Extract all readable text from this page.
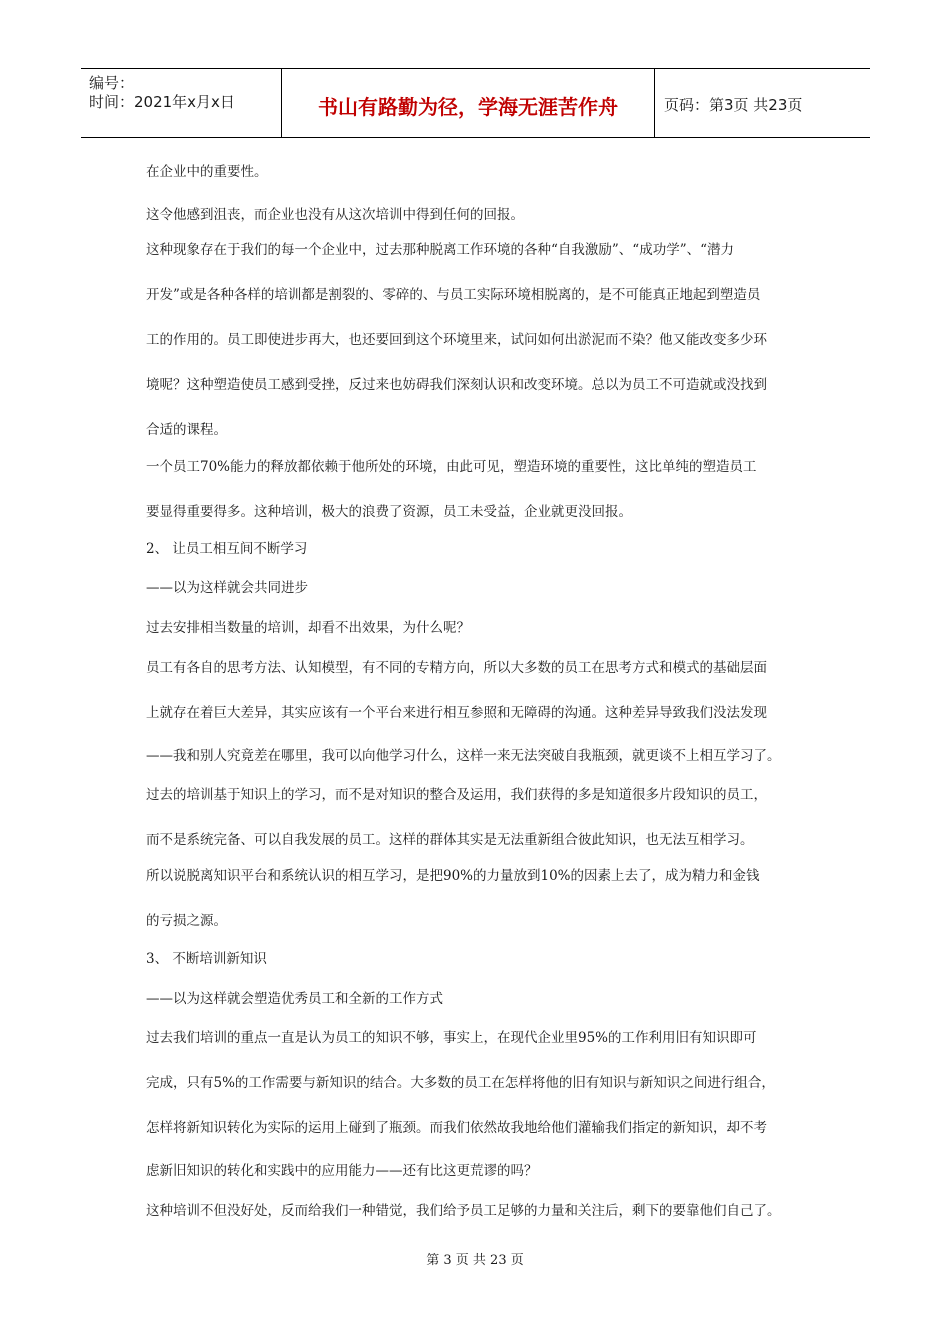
编号：
时间：2021年x月x日	书山有路勤为径，学海无涯苦作舟	页码：第3页 共23页
在企业中的重要性。
这令他感到沮丧，而企业也没有从这次培训中得到任何的回报。
这种现象存在于我们的每一个企业中，过去那种脱离工作环境的各种“自我激励”、“成功学”、“潜力
开发”或是各种各样的培训都是割裂的、零碎的、与员工实际环境相脱离的，是不可能真正地起到塑造员
工的作用的。员工即使进步再大，也还要回到这个环境里来，试问如何出淤泥而不染？他又能改变多少环
境呢？这种塑造使员工感到受挫，反过来也妨碍我们深刻认识和改变环境。总以为员工不可造就或没找到
合适的课程。
一个员工70%能力的释放都依赖于他所处的环境，由此可见，塑造环境的重要性，这比单纯的塑造员工
要显得重要得多。这种培训，极大的浪费了资源，员工未受益，企业就更没回报。
2、 让员工相互间不断学习
——以为这样就会共同进步
过去安排相当数量的培训，却看不出效果，为什么呢？
员工有各自的思考方法、认知模型，有不同的专精方向，所以大多数的员工在思考方式和模式的基础层面
上就存在着巨大差异，其实应该有一个平台来进行相互参照和无障碍的沟通。这种差异导致我们没法发现
——我和别人究竟差在哪里，我可以向他学习什么，这样一来无法突破自我瓶颈，就更谈不上相互学习了。
过去的培训基于知识上的学习，而不是对知识的整合及运用，我们获得的多是知道很多片段知识的员工，
而不是系统完备、可以自我发展的员工。这样的群体其实是无法重新组合彼此知识，也无法互相学习。
所以说脱离知识平台和系统认识的相互学习，是把90%的力量放到10%的因素上去了，成为精力和金钱
的亏损之源。
3、 不断培训新知识
——以为这样就会塑造优秀员工和全新的工作方式
过去我们培训的重点一直是认为员工的知识不够，事实上，在现代企业里95%的工作利用旧有知识即可
完成，只有5%的工作需要与新知识的结合。大多数的员工在怎样将他的旧有知识与新知识之间进行组合，
怎样将新知识转化为实际的运用上碰到了瓶颈。而我们依然故我地给他们灌输我们指定的新知识，却不考
虑新旧知识的转化和实践中的应用能力——还有比这更荒谬的吗？
这种培训不但没好处，反而给我们一种错觉，我们给予员工足够的力量和关注后，剩下的要靠他们自己了。
第 3 页 共 23 页
